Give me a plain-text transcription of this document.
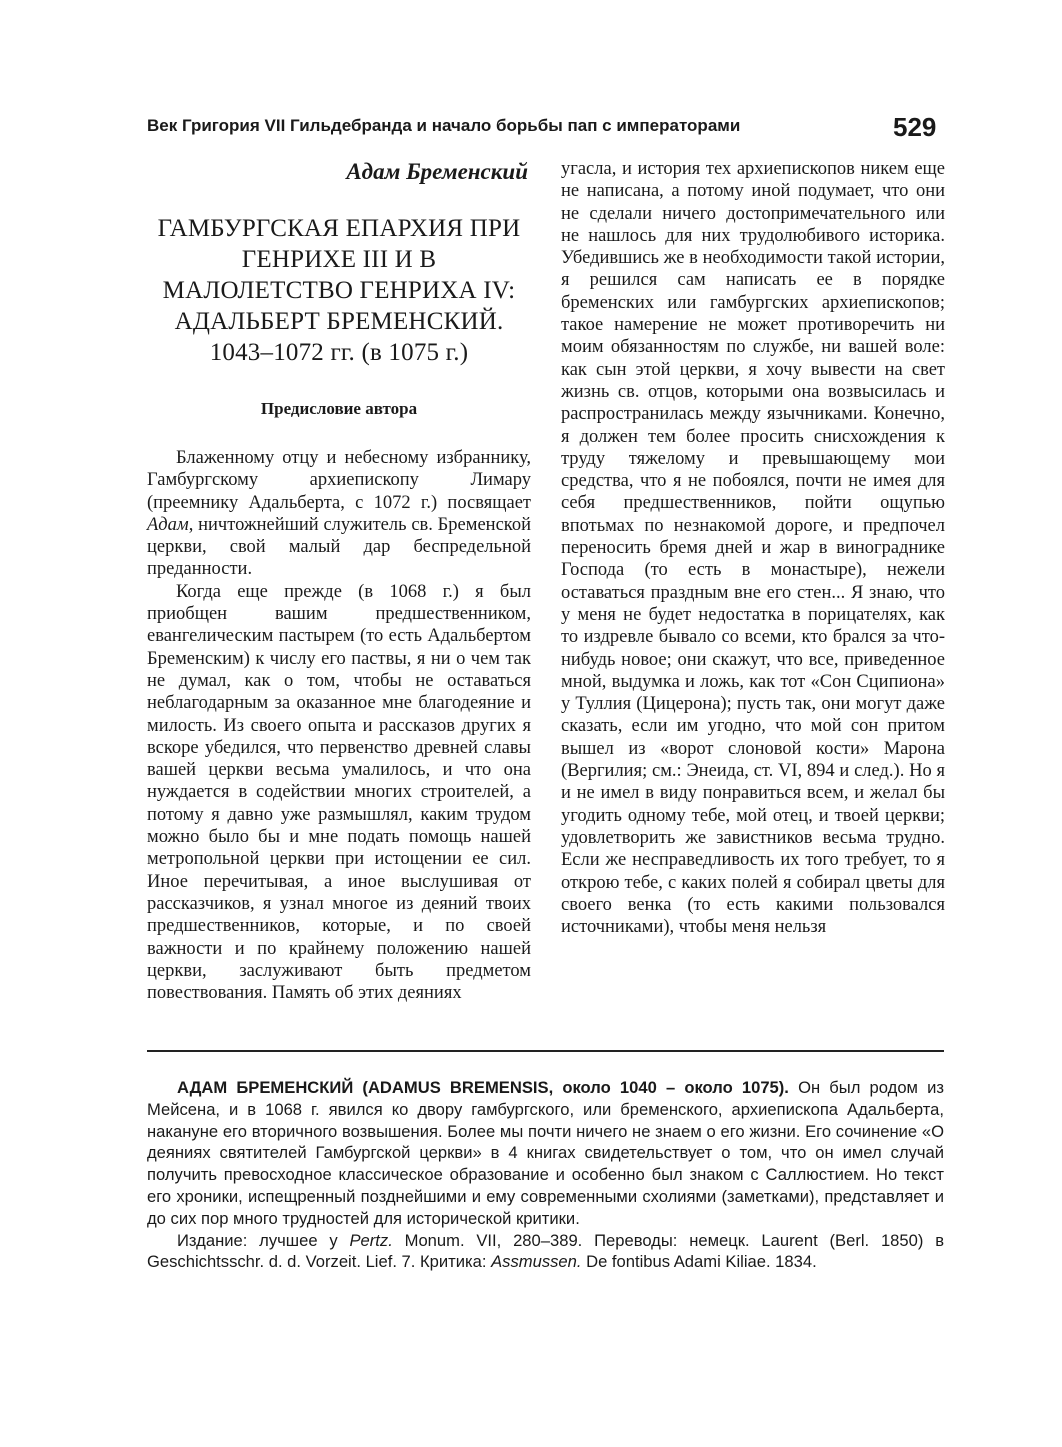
Век Григория VII Гильдебранда и начало борьбы пап с императорами	529
Адам Бременский
ГАМБУРГСКАЯ ЕПАРХИЯ ПРИ
ГЕНРИХЕ III И В
МАЛОЛЕТСТВО ГЕНРИХА IV:
АДАЛЬБЕРТ БРЕМЕНСКИЙ.
1043–1072 гг. (в 1075 г.)
Предисловие автора

Блаженному отцу и небесному избраннику, Гамбургскому архиепископу Лимару (преемнику Адальберта, с 1072 г.) посвящает Адам, ничтожнейший служитель св. Бременской церкви, свой малый дар беспредельной преданности.

Когда еще прежде (в 1068 г.) я был приобщен вашим предшественником, евангелическим пастырем (то есть Адальбертом Бременским) к числу его паствы, я ни о чем так не думал, как о том, чтобы не оставаться неблагодарным за оказанное мне благодеяние и милость. Из своего опыта и рассказов других я вскоре убедился, что первенство древней славы вашей церкви весьма умалилось, и что она нуждается в содействии многих строителей, а потому я давно уже размышлял, каким трудом можно было бы и мне подать помощь нашей метропольной церкви при истощении ее сил. Иное перечитывая, а иное выслушивая от рассказчиков, я узнал многое из деяний твоих предшественников, которые, и по своей важности и по крайнему положению нашей церкви, заслуживают быть предметом повествования. Память об этих деяниях

угасла, и история тех архиепископов никем еще не написана, а потому иной подумает, что они не сделали ничего достопримечательного или не нашлось для них трудолюбивого историка. Убедившись же в необходимости такой истории, я решился сам написать ее в порядке бременских или гамбургских архиепископов; такое намерение не может противоречить ни моим обязанностям по службе, ни вашей воле: как сын этой церкви, я хочу вывести на свет жизнь св. отцов, которыми она возвысилась и распространилась между язычниками. Конечно, я должен тем более просить снисхождения к труду тяжелому и превышающему мои средства, что я не побоялся, почти не имея для себя предшественников, пойти ощупью впотьмах по незнакомой дороге, и предпочел переносить бремя дней и жар в винограднике Господа (то есть в монастыре), нежели оставаться праздным вне его стен... Я знаю, что у меня не будет недостатка в порицателях, как то издревле бывало со всеми, кто брался за что-нибудь новое; они скажут, что все, приведенное мной, выдумка и ложь, как тот «Сон Сципиона» у Туллия (Цицерона); пусть так, они могут даже сказать, если им угодно, что мой сон притом вышел из «ворот слоновой кости» Марона (Вергилия; см.: Энеида, ст. VI, 894 и след.). Но я и не имел в виду понравиться всем, и желал бы угодить одному тебе, мой отец, и твоей церкви; удовлетворить же завистников весьма трудно. Если же несправедливость их того требует, то я открою тебе, с каких полей я собирал цветы для своего венка (то есть какими пользовался источниками), чтобы меня нельзя

АДАМ БРЕМЕНСКИЙ (ADAMUS BREMENSIS, около 1040 – около 1075). Он был родом из Мейсена, и в 1068 г. явился ко двору гамбургского, или бременского, архиепископа Адальберта, накануне его вторичного возвышения. Более мы почти ничего не знаем о его жизни. Его сочинение «О деяниях святителей Гамбургской церкви» в 4 книгах свидетельствует о том, что он имел случай получить превосходное классическое образование и особенно был знаком с Саллюстием. Но текст его хроники, испещренный позднейшими и ему современными схолиями (заметками), представляет и до сих пор много трудностей для исторической критики.

Издание: лучшее у Pertz. Monum. VII, 280–389. Переводы: немецк. Laurent (Berl. 1850) в Geschichtsschr. d. d. Vorzeit. Lief. 7. Критика: Assmussen. De fontibus Adami Kiliae. 1834.
